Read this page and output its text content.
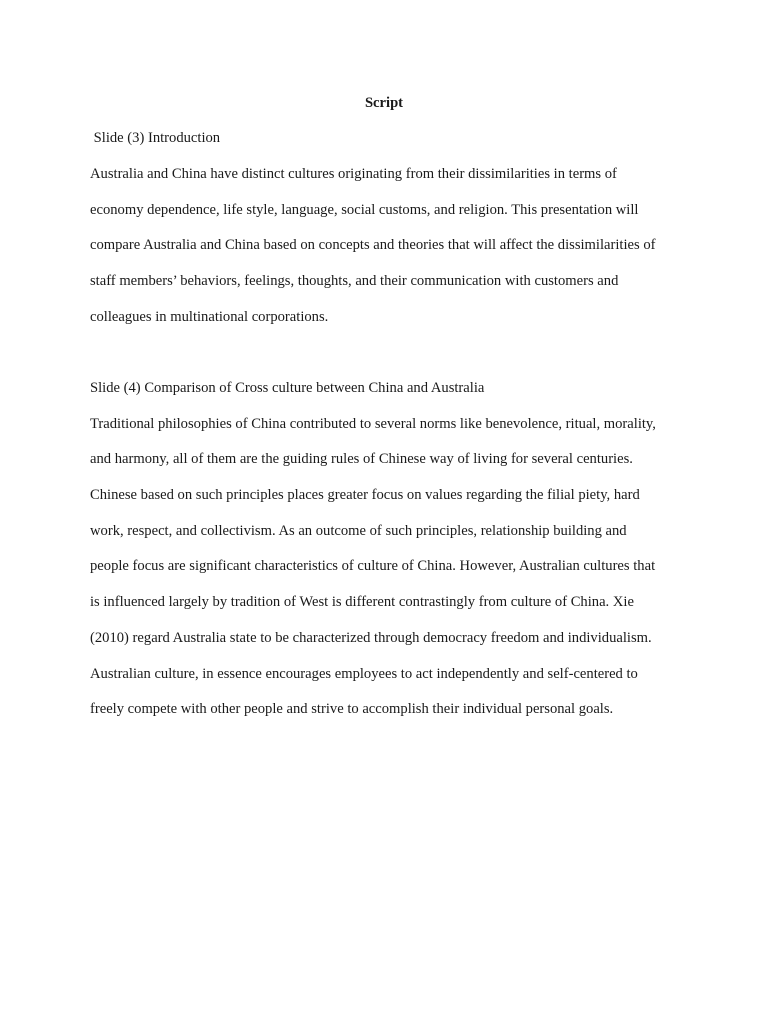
Script
Slide (3) Introduction
Australia and China have distinct cultures originating from their dissimilarities in terms of
economy dependence, life style, language, social customs, and religion. This presentation will
compare Australia and China based on concepts and theories that will affect the dissimilarities of
staff members’ behaviors, feelings, thoughts, and their communication with customers and
colleagues in multinational corporations.
Slide (4) Comparison of Cross culture between China and Australia
Traditional philosophies of China contributed to several norms like benevolence, ritual, morality,
and harmony, all of them are the guiding rules of Chinese way of living for several centuries.
Chinese based on such principles places greater focus on values regarding the filial piety, hard
work, respect, and collectivism. As an outcome of such principles, relationship building and
people focus are significant characteristics of culture of China. However, Australian cultures that
is influenced largely by tradition of West is different contrastingly from culture of China. Xie
(2010) regard Australia state to be characterized through democracy freedom and individualism.
Australian culture, in essence encourages employees to act independently and self-centered to
freely compete with other people and strive to accomplish their individual personal goals.
